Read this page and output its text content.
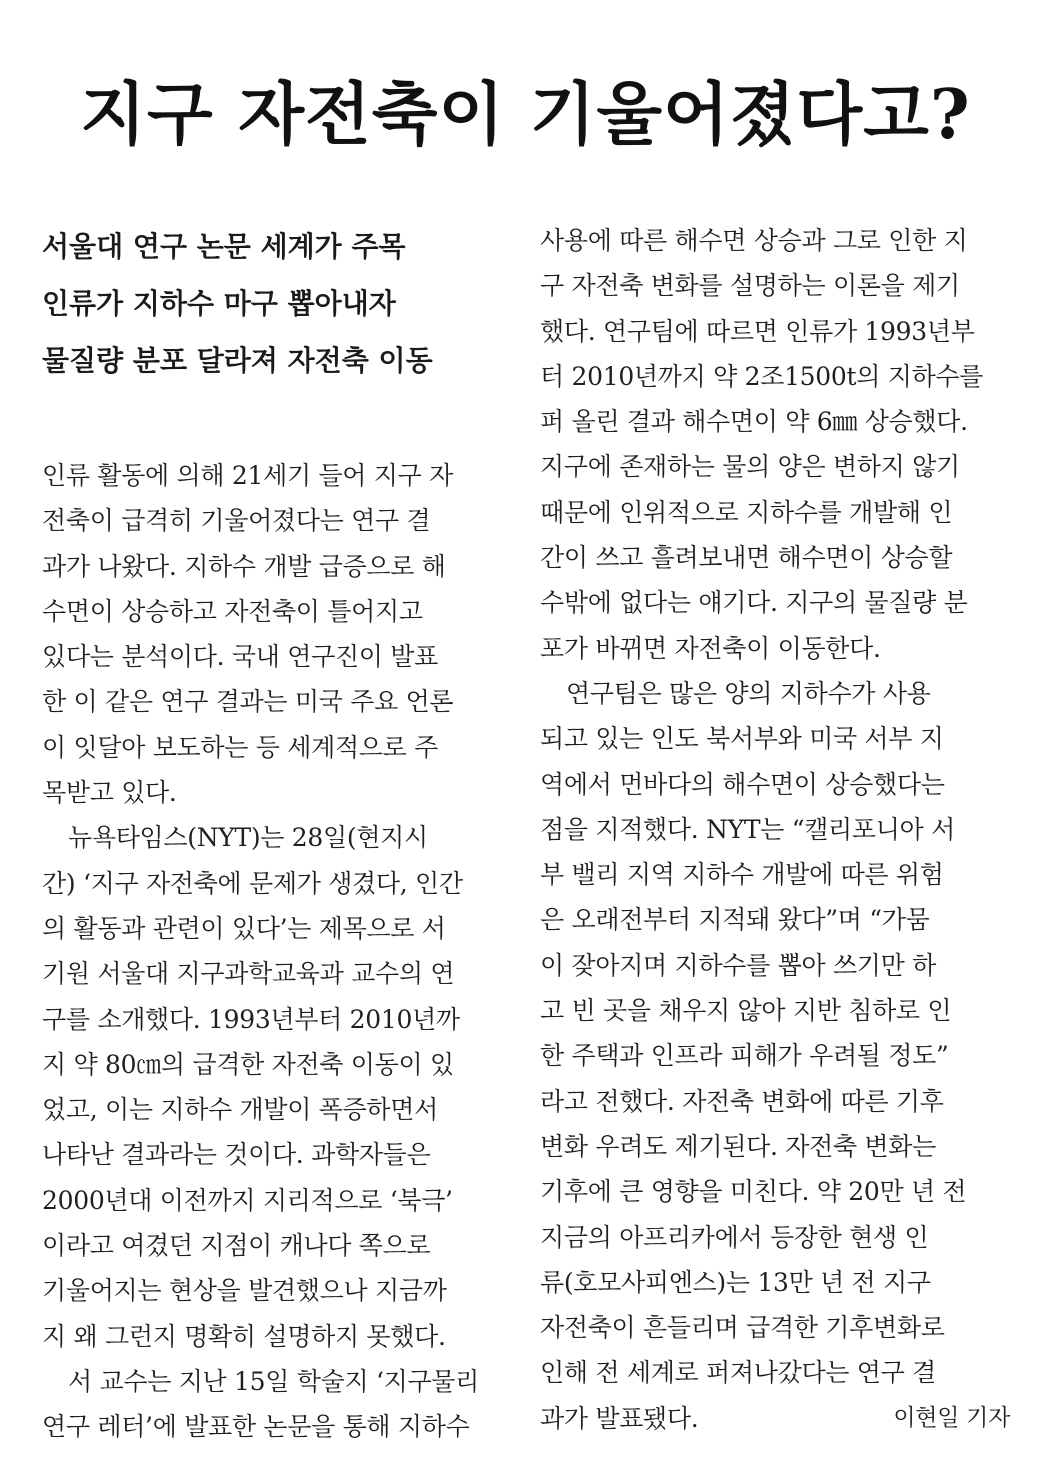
지구 자전축이 기울어졌다고?
서울대 연구 논문 세계가 주목
인류가 지하수 마구 뽑아내자
물질량 분포 달라져 자전축 이동
인류 활동에 의해 21세기 들어 지구 자
전축이 급격히 기울어졌다는 연구 결
과가 나왔다. 지하수 개발 급증으로 해
수면이 상승하고 자전축이 틀어지고
있다는 분석이다. 국내 연구진이 발표
한 이 같은 연구 결과는 미국 주요 언론
이 잇달아 보도하는 등 세계적으로 주
목받고 있다.
뉴욕타임스(NYT)는 28일(현지시
간) ‘지구 자전축에 문제가 생겼다, 인간
의 활동과 관련이 있다’는 제목으로 서
기원 서울대 지구과학교육과 교수의 연
구를 소개했다. 1993년부터 2010년까
지 약 80㎝의 급격한 자전축 이동이 있
었고, 이는 지하수 개발이 폭증하면서
나타난 결과라는 것이다. 과학자들은
2000년대 이전까지 지리적으로 ‘북극’
이라고 여겼던 지점이 캐나다 쪽으로
기울어지는 현상을 발견했으나 지금까
지 왜 그런지 명확히 설명하지 못했다.
서 교수는 지난 15일 학술지 ‘지구물리
연구 레터’에 발표한 논문을 통해 지하수
사용에 따른 해수면 상승과 그로 인한 지
구 자전축 변화를 설명하는 이론을 제기
했다. 연구팀에 따르면 인류가 1993년부
터 2010년까지 약 2조1500t의 지하수를
퍼 올린 결과 해수면이 약 6㎜ 상승했다.
지구에 존재하는 물의 양은 변하지 않기
때문에 인위적으로 지하수를 개발해 인
간이 쓰고 흘려보내면 해수면이 상승할
수밖에 없다는 얘기다. 지구의 물질량 분
포가 바뀌면 자전축이 이동한다.
연구팀은 많은 양의 지하수가 사용
되고 있는 인도 북서부와 미국 서부 지
역에서 먼바다의 해수면이 상승했다는
점을 지적했다. NYT는 “캘리포니아 서
부 밸리 지역 지하수 개발에 따른 위험
은 오래전부터 지적돼 왔다”며 “가뭄
이 잦아지며 지하수를 뽑아 쓰기만 하
고 빈 곳을 채우지 않아 지반 침하로 인
한 주택과 인프라 피해가 우려될 정도”
라고 전했다. 자전축 변화에 따른 기후
변화 우려도 제기된다. 자전축 변화는
기후에 큰 영향을 미친다. 약 20만 년 전
지금의 아프리카에서 등장한 현생 인
류(호모사피엔스)는 13만 년 전 지구
자전축이 흔들리며 급격한 기후변화로
인해 전 세계로 퍼져나갔다는 연구 결
과가 발표됐다.	이현일 기자
